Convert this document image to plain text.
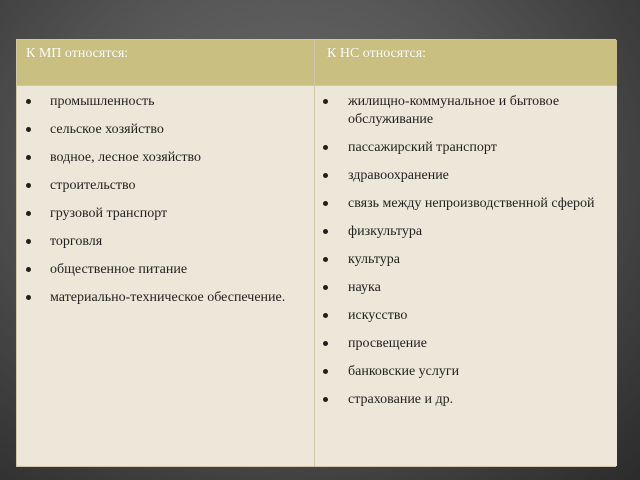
К МП относятся:	К НС относятся:
промышленность
сельское хозяйство
водное, лесное хозяйство
строительство
грузовой транспорт
торговля
общественное питание
материально-техническое обеспечение.
жилищно-коммунальное и бытовое обслуживание
пассажирский транспорт
здравоохранение
связь между непроизводственной сферой
физкультура
культура
наука
искусство
просвещение
банковские услуги
страхование и др.
